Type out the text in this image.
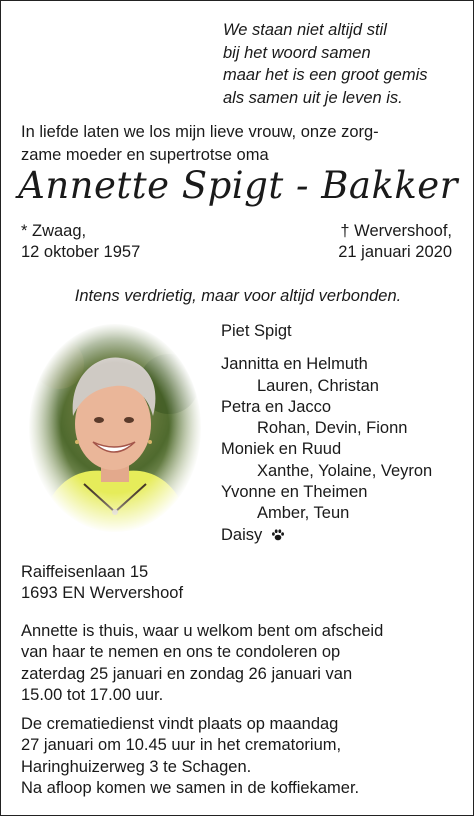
We staan niet altijd stil
bij het woord samen
maar het is een groot gemis
als samen uit je leven is.
In liefde laten we los mijn lieve vrouw, onze zorg-
zame moeder en supertrotse oma
Annette Spigt - Bakker
* Zwaag,
12 oktober 1957
† Wervershoof,
21 januari 2020
Intens verdrietig, maar voor altijd verbonden.
Piet Spigt
Jannitta en Helmuth
Lauren, Christan
Petra en Jacco
Rohan, Devin, Fionn
Moniek en Ruud
Xanthe, Yolaine, Veyron
Yvonne en Theimen
Amber, Teun
Daisy
Raiffeisenlaan 15
1693 EN Wervershoof
Annette is thuis, waar u welkom bent om afscheid
van haar te nemen en ons te condoleren op
zaterdag 25 januari en zondag 26 januari van
15.00 tot 17.00 uur.
De crematiedienst vindt plaats op maandag
27 januari om 10.45 uur in het crematorium,
Haringhuizerweg 3 te Schagen.
Na afloop komen we samen in de koffiekamer.
